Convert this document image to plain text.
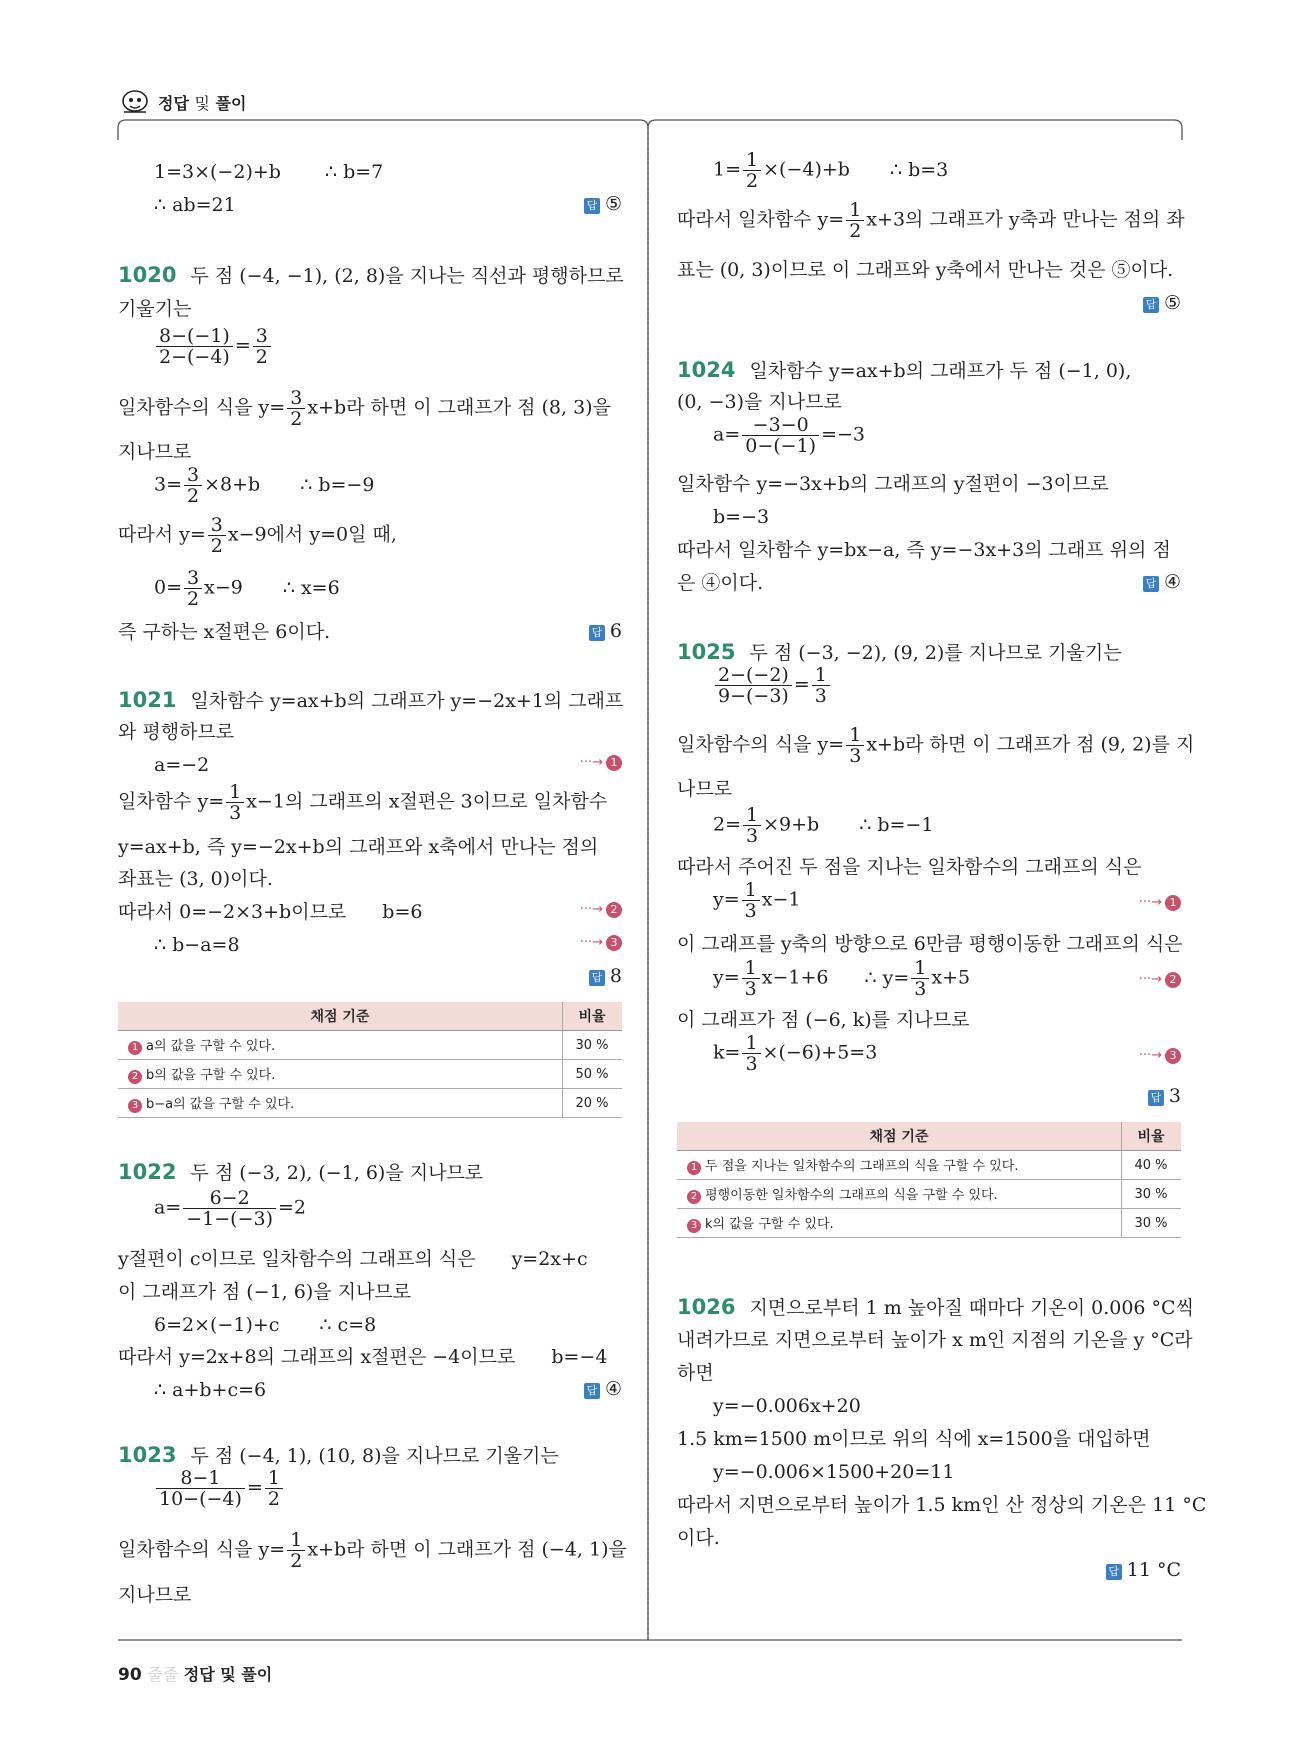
정답 및 풀이
1=3×(−2)+b ∴ b=7
∴ ab=21	답 ⑤
1020 두 점 (−4, −1), (2, 8)을 지나는 직선과 평행하므로
기울기는
$\frac{8-(-1)}{2-(-4)} = \frac{3}{2}$
일차함수의 식을 $y= \frac{3}{2} x+b$라 하면 이 그래프가 점 (8, 3)을
지나므로
$3= \frac{3}{2} \times 8+b$ ∴ b=−9
따라서 $y= \frac{3}{2} x-9$에서 y=0일 때,
$0= \frac{3}{2} x-9$ ∴ x=6
즉 구하는 x절편은 6이다.	답 6
1021 일차함수 y=ax+b의 그래프가 y=−2x+1의 그래프
와 평행하므로
a=−2	···→ 1
일차함수 $y= \frac{1}{3} x-1$의 그래프의 x절편은 3이므로 일차함수
y=ax+b, 즉 y=−2x+b의 그래프와 x축에서 만나는 점의
좌표는 (3, 0)이다.
따라서 0=−2×3+b이므로 b=6	···→ 2
∴ b−a=8	···→ 3
답 8
채점 기준	비율
1 a의 값을 구할 수 있다.	30 %
2 b의 값을 구할 수 있다.	50 %
3 b−a의 값을 구할 수 있다.	20 %
1022 두 점 (−3, 2), (−1, 6)을 지나므로
$a= \frac{6-2}{-1-(-3)} =2$
y절편이 c이므로 일차함수의 그래프의 식은 y=2x+c
이 그래프가 점 (−1, 6)을 지나므로
6=2×(−1)+c ∴ c=8
따라서 y=2x+8의 그래프의 x절편은 −4이므로 b=−4
∴ a+b+c=6	답 ④
1023 두 점 (−4, 1), (10, 8)을 지나므로 기울기는
$\frac{8-1}{10-(-4)} = \frac{1}{2}$
일차함수의 식을 $y= \frac{1}{2} x+b$라 하면 이 그래프가 점 (−4, 1)을
지나므로
$1= \frac{1}{2} \times(-4)+b$ ∴ b=3
따라서 일차함수 $y= \frac{1}{2} x+3$의 그래프가 y축과 만나는 점의 좌
표는 (0, 3)이므로 이 그래프와 y축에서 만나는 것은 ⑤이다.
답 ⑤
1024 일차함수 y=ax+b의 그래프가 두 점 (−1, 0),
(0, −3)을 지나므로
$a= \frac{-3-0}{0-(-1)} =-3$
일차함수 y=−3x+b의 그래프의 y절편이 −3이므로
b=−3
따라서 일차함수 y=bx−a, 즉 y=−3x+3의 그래프 위의 점
은 ④이다.	답 ④
1025 두 점 (−3, −2), (9, 2)를 지나므로 기울기는
$\frac{2-(-2)}{9-(-3)} = \frac{1}{3}$
일차함수의 식을 $y= \frac{1}{3} x+b$라 하면 이 그래프가 점 (9, 2)를 지
나므로
$2= \frac{1}{3} \times 9+b$ ∴ b=−1
따라서 주어진 두 점을 지나는 일차함수의 그래프의 식은
$y= \frac{1}{3} x-1$	···→ 1
이 그래프를 y축의 방향으로 6만큼 평행이동한 그래프의 식은
$y= \frac{1}{3} x-1+6$ ∴ $y= \frac{1}{3} x+5$	···→ 2
이 그래프가 점 (−6, k)를 지나므로
$k= \frac{1}{3} \times(-6)+5=3$	···→ 3
답 3
채점 기준	비율
1 두 점을 지나는 일차함수의 그래프의 식을 구할 수 있다.	40 %
2 평행이동한 일차함수의 그래프의 식을 구할 수 있다.	30 %
3 k의 값을 구할 수 있다.	30 %
1026 지면으로부터 1 m 높아질 때마다 기온이 0.006 °C씩
내려가므로 지면으로부터 높이가 x m인 지점의 기온을 y °C라
하면
y=−0.006x+20
1.5 km=1500 m이므로 위의 식에 x=1500을 대입하면
y=−0.006×1500+20=11
따라서 지면으로부터 높이가 1.5 km인 산 정상의 기온은 11 °C
이다.
답 11 °C
90 줄줄 정답 및 풀이
